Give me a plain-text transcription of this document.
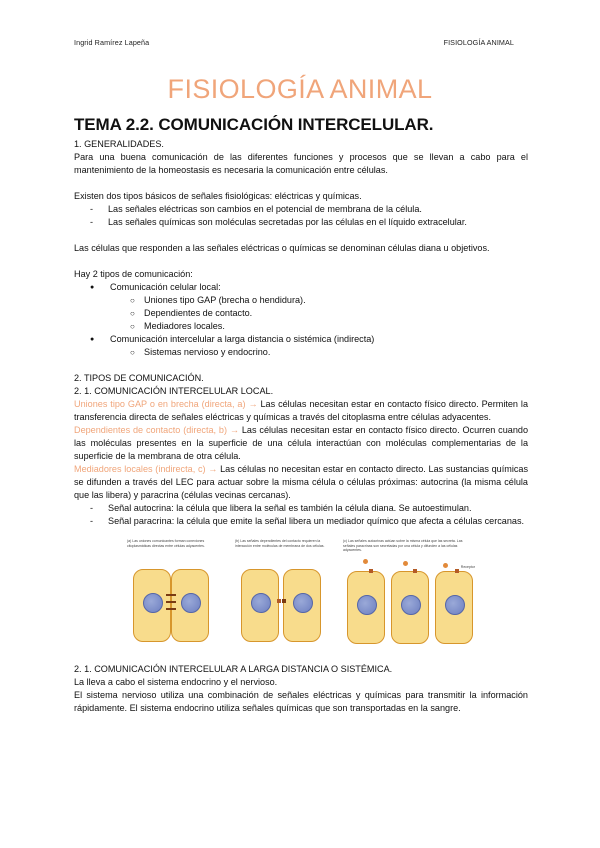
Ingrid Ramírez Lapeña	FISIOLOGÍA ANIMAL
FISIOLOGÍA ANIMAL
TEMA 2.2. COMUNICACIÓN INTERCELULAR.

1. GENERALIDADES.

Para una buena comunicación de las diferentes funciones y procesos que se llevan a cabo para el mantenimiento de la homeostasis es necesaria la comunicación entre células.

Existen dos tipos básicos de señales fisiológicas: eléctricas y químicas.

- Las señales eléctricas son cambios en el potencial de membrana de la célula.

- Las señales químicas son moléculas secretadas por las células en el líquido extracelular.

Las células que responden a las señales eléctricas o químicas se denominan células diana u objetivos.

Hay 2 tipos de comunicación:

● Comunicación celular local:

○ Uniones tipo GAP (brecha o hendidura).

○ Dependientes de contacto.

○ Mediadores locales.

● Comunicación intercelular a larga distancia o sistémica (indirecta)

○ Sistemas nervioso y endocrino.

2. TIPOS DE COMUNICACIÓN.

2. 1. COMUNICACIÓN INTERCELULAR LOCAL.

Uniones tipo GAP o en brecha (directa, a) → Las células necesitan estar en contacto físico directo. Permiten la transferencia directa de señales eléctricas y químicas a través del citoplasma entre células adyacentes.

Dependientes de contacto (directa, b) → Las células necesitan estar en contacto físico directo. Ocurren cuando las moléculas presentes en la superficie de una célula interactúan con moléculas complementarias de la superficie de la membrana de otra célula.

Mediadores locales (indirecta, c) → Las células no necesitan estar en contacto directo. Las sustancias químicas se difunden a través del LEC para actuar sobre la misma célula o células próximas: autocrina (la misma célula que las libera) y paracrina (células vecinas cercanas).

- Señal autocrina: la célula que libera la señal es también la célula diana. Se autoestimulan.

- Señal paracrina: la célula que emite la señal libera un mediador químico que afecta a células cercanas.

(a) Las uniones comunicantes forman conexiones citoplasmáticas directas entre células adyacentes.
(b) Las señales dependientes del contacto requieren la interacción entre moléculas de membrana de dos células.
(c) Las señales autocrinas actúan sobre la misma célula que las secreta. Las señales paracrinas son secretadas por una célula y difunden a las células adyacentes.
Receptor

2. 1. COMUNICACIÓN INTERCELULAR A LARGA DISTANCIA O SISTÉMICA.

La lleva a cabo el sistema endocrino y el nervioso.

El sistema nervioso utiliza una combinación de señales eléctricas y químicas para transmitir la información rápidamente. El sistema endocrino utiliza señales químicas que son transportadas en la sangre.
